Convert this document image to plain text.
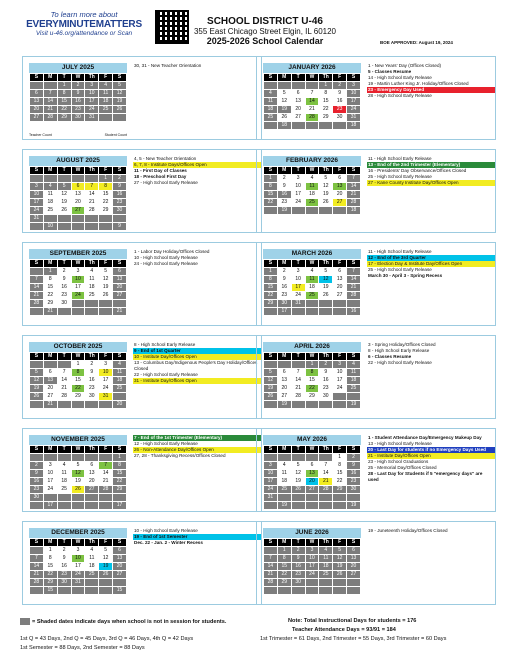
To learn more about
EVERYMINUTEMATTERS
Visit u-46.org/attendance or Scan
SCHOOL DISTRICT U-46
355 East Chicago Street Elgin, IL 60120
2025-2026 School Calendar	BOE APPROVED: August 19, 2024
JULY 2025
S	M	T	W	Th	F	S
		1	2	3	4	5
6	7	8	9	10	11	12
13	14	15	16	17	18	19
20	21	22	23	24	25	26
27	28	29	30	31		
Teacher Count	Student Count
30, 31 - New Teacher Orientation	JANUARY 2026
S	M	T	W	Th	F	S
				1	2	3
4	5	6	7	8	9	10
11	12	13	14	15	16	17
18	19	20	21	22	23	24
25	26	27	28	29	30	31
	18					18
1 - New Years' Day (Offices Closed)
5 - Classes Resume
14 - High School Early Release
19 - Martin Luther King Jr. Holiday/Offices Closed
23 - Emergency Day Used
28 - High School Early Release
AUGUST 2025
S	M	T	W	Th	F	S
					1	2
3	4	5	6	7	8	9
10	11	12	13	14	15	16
17	18	19	20	21	22	23
24	25	26	27	28	29	30
31						
	10					9
4, 5 - New Teacher Orientation
6, 7, 8 - Institute Days/Offices Open
11 - First Day of Classes
18 - Preschool First Day
27 - High School Early Release
FEBRUARY 2026
S	M	T	W	Th	F	S
1	2	3	4	5	6	7
8	9	10	11	12	13	14
15	16	17	18	19	20	21
22	23	24	25	26	27	28
	19					18
11 - High School Early Release
13 - End of the 2nd Trimester (Elementary)
16 - Presidents' Day Observance/Offices Closed
25 - High School Early Release
27 - Kane County Institute Day/Offices Open
SEPTEMBER 2025
S	M	T	W	Th	F	S
	1	2	3	4	5	6
7	8	9	10	11	12	13
14	15	16	17	18	19	20
21	22	23	24	25	26	27
28	29	30				
	21					21
1 - Labor Day Holiday/Offices Closed
10 - High School Early Release
24 - High School Early Release
MARCH 2026
S	M	T	W	Th	F	S
1	2	3	4	5	6	7
8	9	10	11	12	13	14
15	16	17	18	19	20	21
22	23	24	25	26	27	28
29	30	31				
	17					16
11 - High School Early Release
12 - End of the 3rd Quarter
17 - Election Day & Institute Day/Offices Open
25 - High School Early Release
March 30 - April 3 - Spring Recess
OCTOBER 2025
S	M	T	W	Th	F	S
			1	2	3	4
5	6	7	8	9	10	11
12	13	14	15	16	17	18
19	20	21	22	23	24	25
26	27	28	29	30	31	
	21					20
8 - High School Early Release
9 - End of 1st Quarter
10 - Institute Day/Offices Open
13 - Columbus Day/Indigenous People's Day Holiday/Offices Closed
22 - High School Early Release
31 - Institute Day/Offices Open
APRIL 2026
S	M	T	W	Th	F	S
			1	2	3	4
5	6	7	8	9	10	11
12	13	14	15	16	17	18
19	20	21	22	23	24	25
26	27	28	29	30		
	19					19
3 - Spring Holiday/Offices Closed
8 - High School Early Release
6 - Classes Resume
22 - High School Early Release
NOVEMBER 2025
S	M	T	W	Th	F	S
						1
2	3	4	5	6	7	8
9	10	11	12	13	14	15
16	17	18	19	20	21	22
23	24	25	26	27	28	29
30						
	17					17
7 - End of the 1st Trimester (Elementary)
12 - High School Early Release
26 - Non-Attendance Day/Offices Open
27, 28 - Thanksgiving Recess/Offices Closed
MAY 2026
S	M	T	W	Th	F	S
					1	2
3	4	5	6	7	8	9
10	11	12	13	14	15	16
17	18	19	20	21	22	23
24	25	26	27	28	29	30
31						
	19					19
1 - Student Attendance Day/Emergency Makeup Day
13 - High School Early Release
20 - Last Day for students if no Emergency Days Used
21 - Institute Day/Offices Open
23 - High School Graduations
25 - Memorial Day/Offices Closed
28 - Last Day for Students if 5 "emergency days" are used
DECEMBER 2025
S	M	T	W	Th	F	S
	1	2	3	4	5	6
7	8	9	10	11	12	13
14	15	16	17	18	19	20
21	22	23	24	25	26	27
28	29	30	31			
	15					15
10 - High School Early Release
19 - End of 1st Semester
Dec. 22 - Jan. 2 - Winter Recess
JUNE 2026
S	M	T	W	Th	F	S
	1	2	3	4	5	6
7	8	9	10	11	12	13
14	15	16	17	18	19	20
21	22	23	24	25	26	27
28	29	30				

19 - Juneteenth Holiday/Offices Closed
= Shaded dates indicate days when school is not in session for students.	Note: Total Instructional Days for students = 176
Teacher Attendance Days = 93/91 = 184
1st Q = 43 Days, 2nd Q = 45 Days, 3rd Q = 46 Days, 4th Q = 42 Days	1st Trimester = 61 Days, 2nd Trimester = 55 Days, 3rd Trimester = 60 Days
1st Semester = 88 Days, 2nd Semester = 88 Days
